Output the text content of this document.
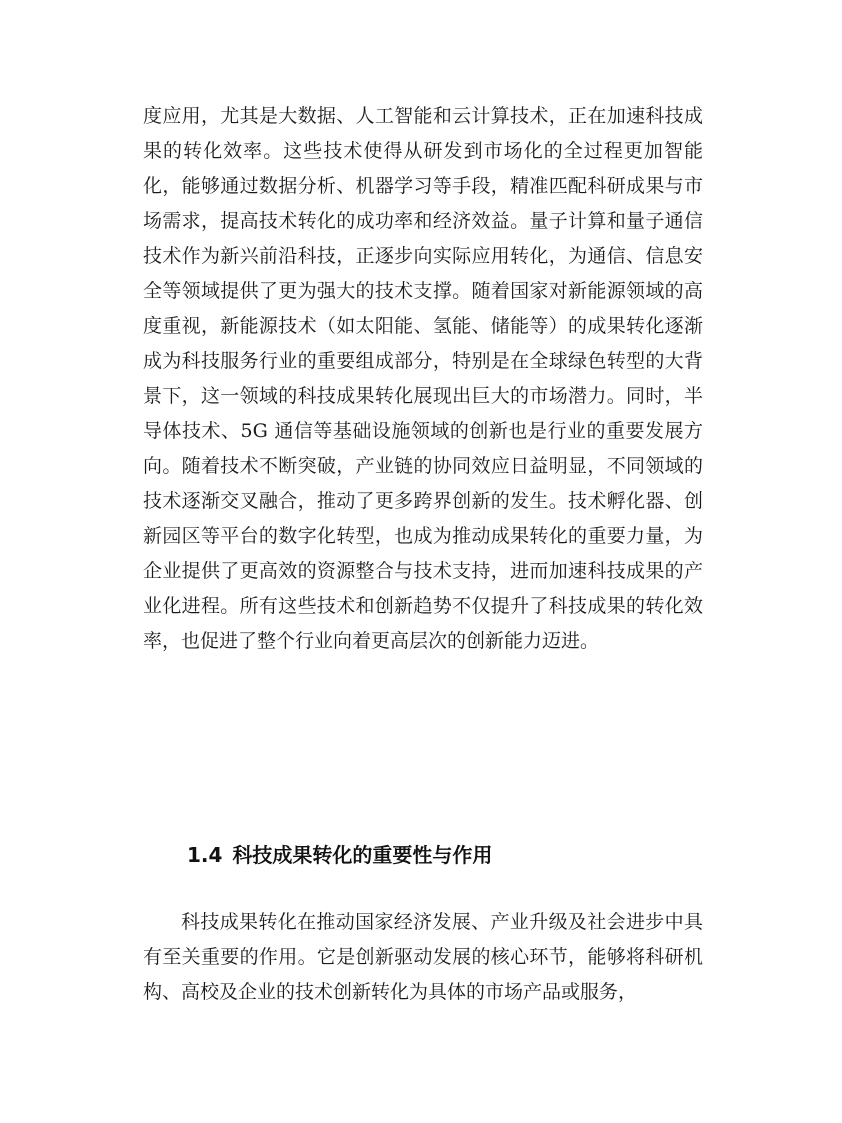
度应用，尤其是大数据、人工智能和云计算技术，正在加速科技成果的转化效率。这些技术使得从研发到市场化的全过程更加智能化，能够通过数据分析、机器学习等手段，精准匹配科研成果与市场需求，提高技术转化的成功率和经济效益。量子计算和量子通信技术作为新兴前沿科技，正逐步向实际应用转化，为通信、信息安全等领域提供了更为强大的技术支撑。随着国家对新能源领域的高度重视，新能源技术（如太阳能、氢能、储能等）的成果转化逐渐成为科技服务行业的重要组成部分，特别是在全球绿色转型的大背景下，这一领域的科技成果转化展现出巨大的市场潜力。同时，半导体技术、5G 通信等基础设施领域的创新也是行业的重要发展方向。随着技术不断突破，产业链的协同效应日益明显，不同领域的技术逐渐交叉融合，推动了更多跨界创新的发生。技术孵化器、创新园区等平台的数字化转型，也成为推动成果转化的重要力量，为企业提供了更高效的资源整合与技术支持，进而加速科技成果的产业化进程。所有这些技术和创新趋势不仅提升了科技成果的转化效率，也促进了整个行业向着更高层次的创新能力迈进。

1.4 科技成果转化的重要性与作用

科技成果转化在推动国家经济发展、产业升级及社会进步中具有至关重要的作用。它是创新驱动发展的核心环节，能够将科研机构、高校及企业的技术创新转化为具体的市场产品或服务，
